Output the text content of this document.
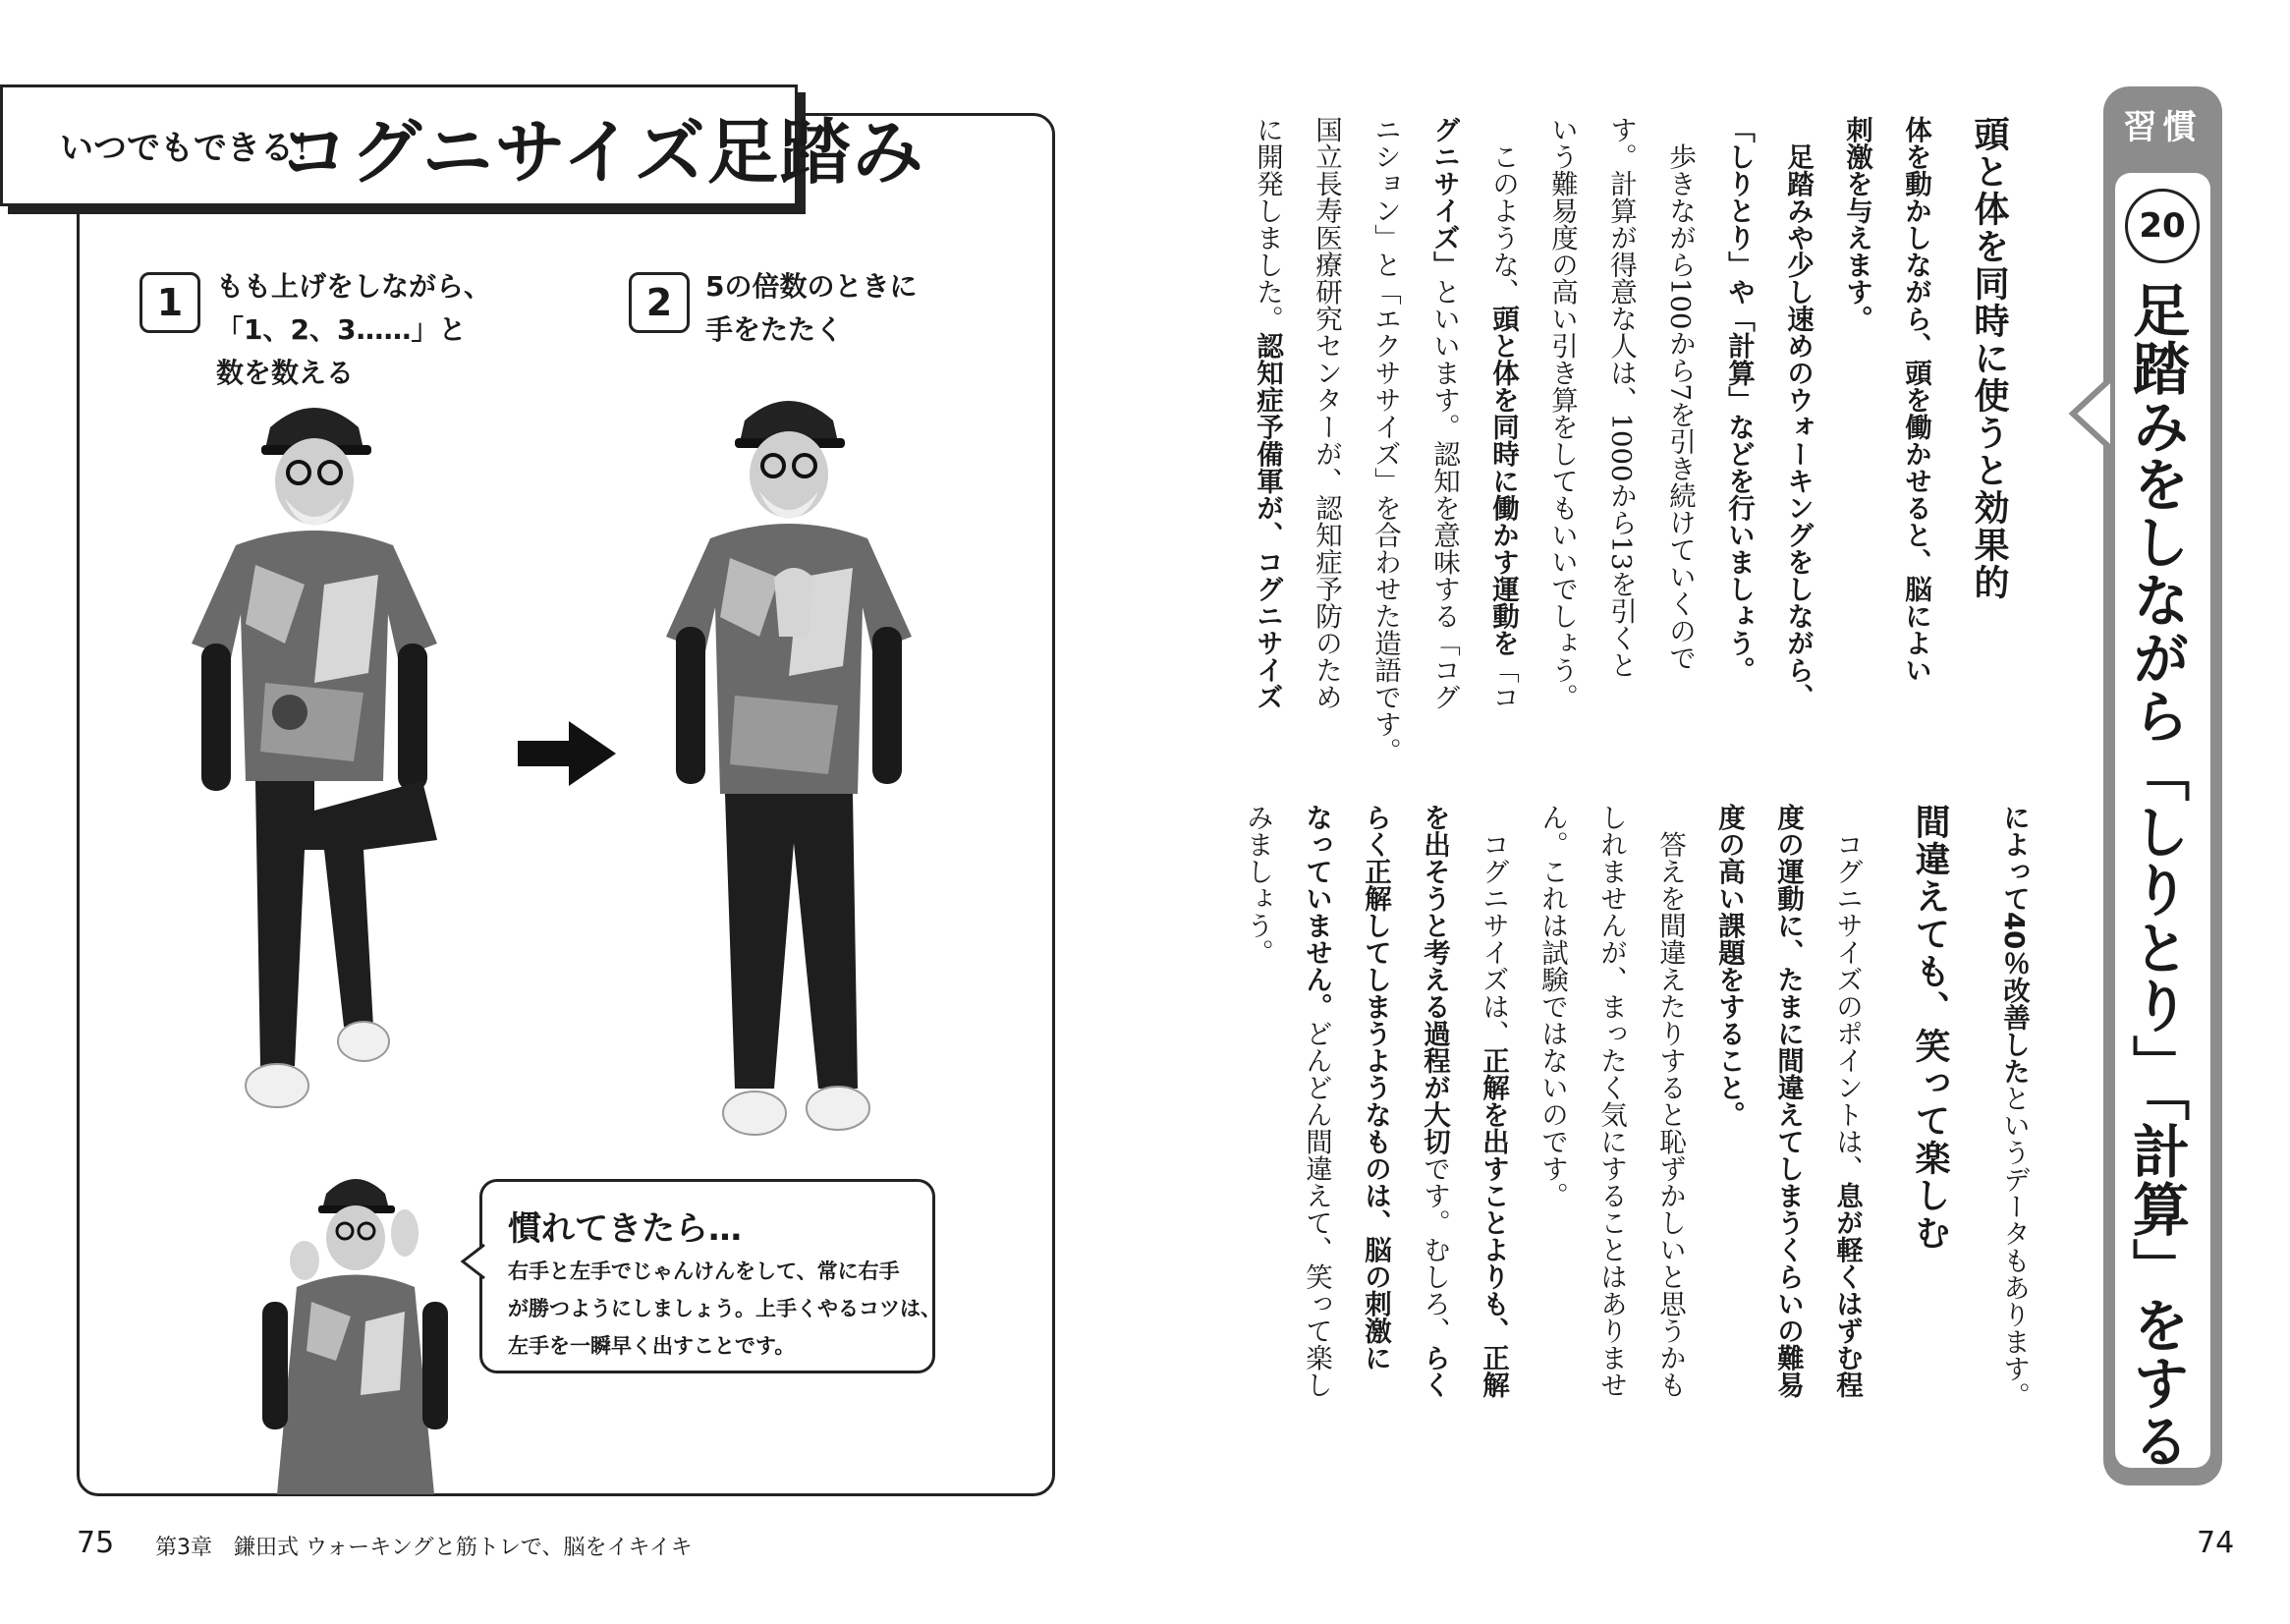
いつでもできる！
コグニサイズ足踏み
1	もも上げをしながら、
「1、2、3……」と
数を数える
2	5の倍数のときに
手をたたく
慣れてきたら…
右手と左手でじゃんけんをして、常に右手
が勝つようにしましょう。上手くやるコツは、
左手を一瞬早く出すことです。
75 第3章　鎌田式 ウォーキングと筋トレで、脳をイキイキ
習慣
20
足踏みをしながら「しりとり」「計算」をする
頭と体を同時に使うと効果的
体を動かしながら、頭を働かせると、脳によい
刺激を与えます。
　足踏みや少し速めのウォーキングをしながら、
「しりとり」や「計算」などを行いましょう。
　歩きながら100から7を引き続けていくので
す。計算が得意な人は、1000から13を引くと
いう難易度の高い引き算をしてもいいでしょう。
　このような、頭と体を同時に働かす運動を「コ
グニサイズ」といいます。認知を意味する「コグ
ニション」と「エクササイズ」を合わせた造語です。
国立長寿医療研究センターが、認知症予防のため
に開発しました。認知症予備軍が、コグニサイズ
によって40％改善したというデータもあります。
間違えても、笑って楽しむ
　コグニサイズのポイントは、息が軽くはずむ程
度の運動に、たまに間違えてしまうくらいの難易
度の高い課題をすること。
　答えを間違えたりすると恥ずかしいと思うかも
しれませんが、まったく気にすることはありませ
ん。これは試験ではないのです。
　コグニサイズは、正解を出すことよりも、正解
を出そうと考える過程が大切です。むしろ、らく
らく正解してしまうようなものは、脳の刺激に
なっていません。どんどん間違えて、笑って楽し
みましょう。
74
